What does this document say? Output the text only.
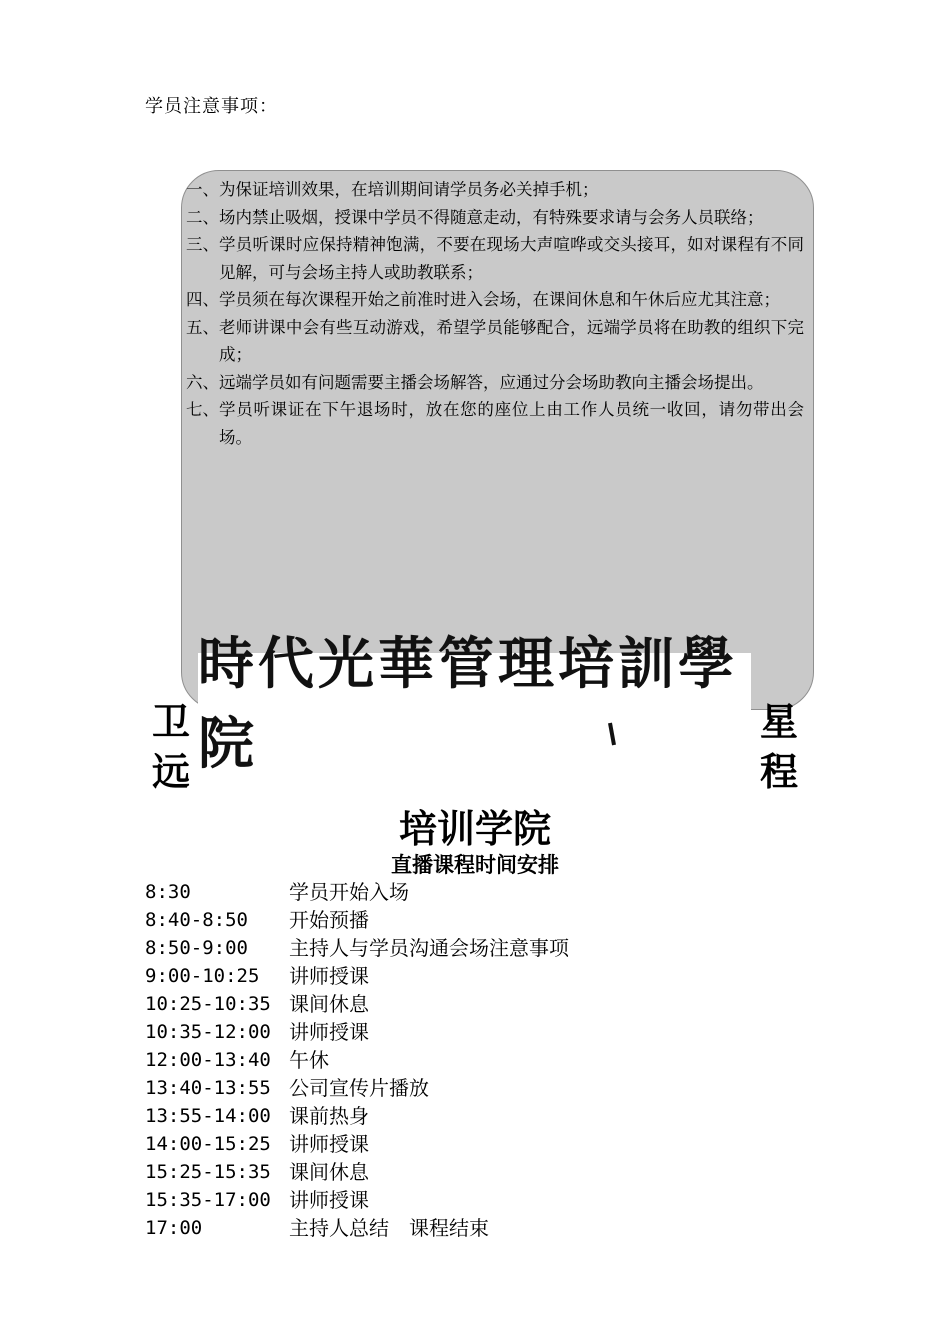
学员注意事项：
一、 为保证培训效果，在培训期间请学员务必关掉手机；
二、 场内禁止吸烟，授课中学员不得随意走动，有特殊要求请与会务人员联络；
三、 学员听课时应保持精神饱满，不要在现场大声喧哗或交头接耳，如对课程有不同见解，可与会场主持人或助教联系；
四、 学员须在每次课程开始之前准时进入会场，在课间休息和午休后应尤其注意；
五、 老师讲课中会有些互动游戏，希望学员能够配合，远端学员将在助教的组织下完成；
六、 远端学员如有问题需要主播会场解答，应通过分会场助教向主播会场提出。
七、 学员听课证在下午退场时，放在您的座位上由工作人员统一收回，请勿带出会场。
卫
远
星
程
時代光華管理培訓學院
培训学院
直播课程时间安排
8:30	学员开始入场
8:40-8:50	开始预播
8:50-9:00	主持人与学员沟通会场注意事项
9:00-10:25	讲师授课
10:25-10:35 课间休息
10:35-12:00 讲师授课
12:00-13:40 午休
13:40-13:55 公司宣传片播放
13:55-14:00 课前热身
14:00-15:25 讲师授课
15:25-15:35 课间休息
15:35-17:00 讲师授课
17:00	主持人总结　课程结束
